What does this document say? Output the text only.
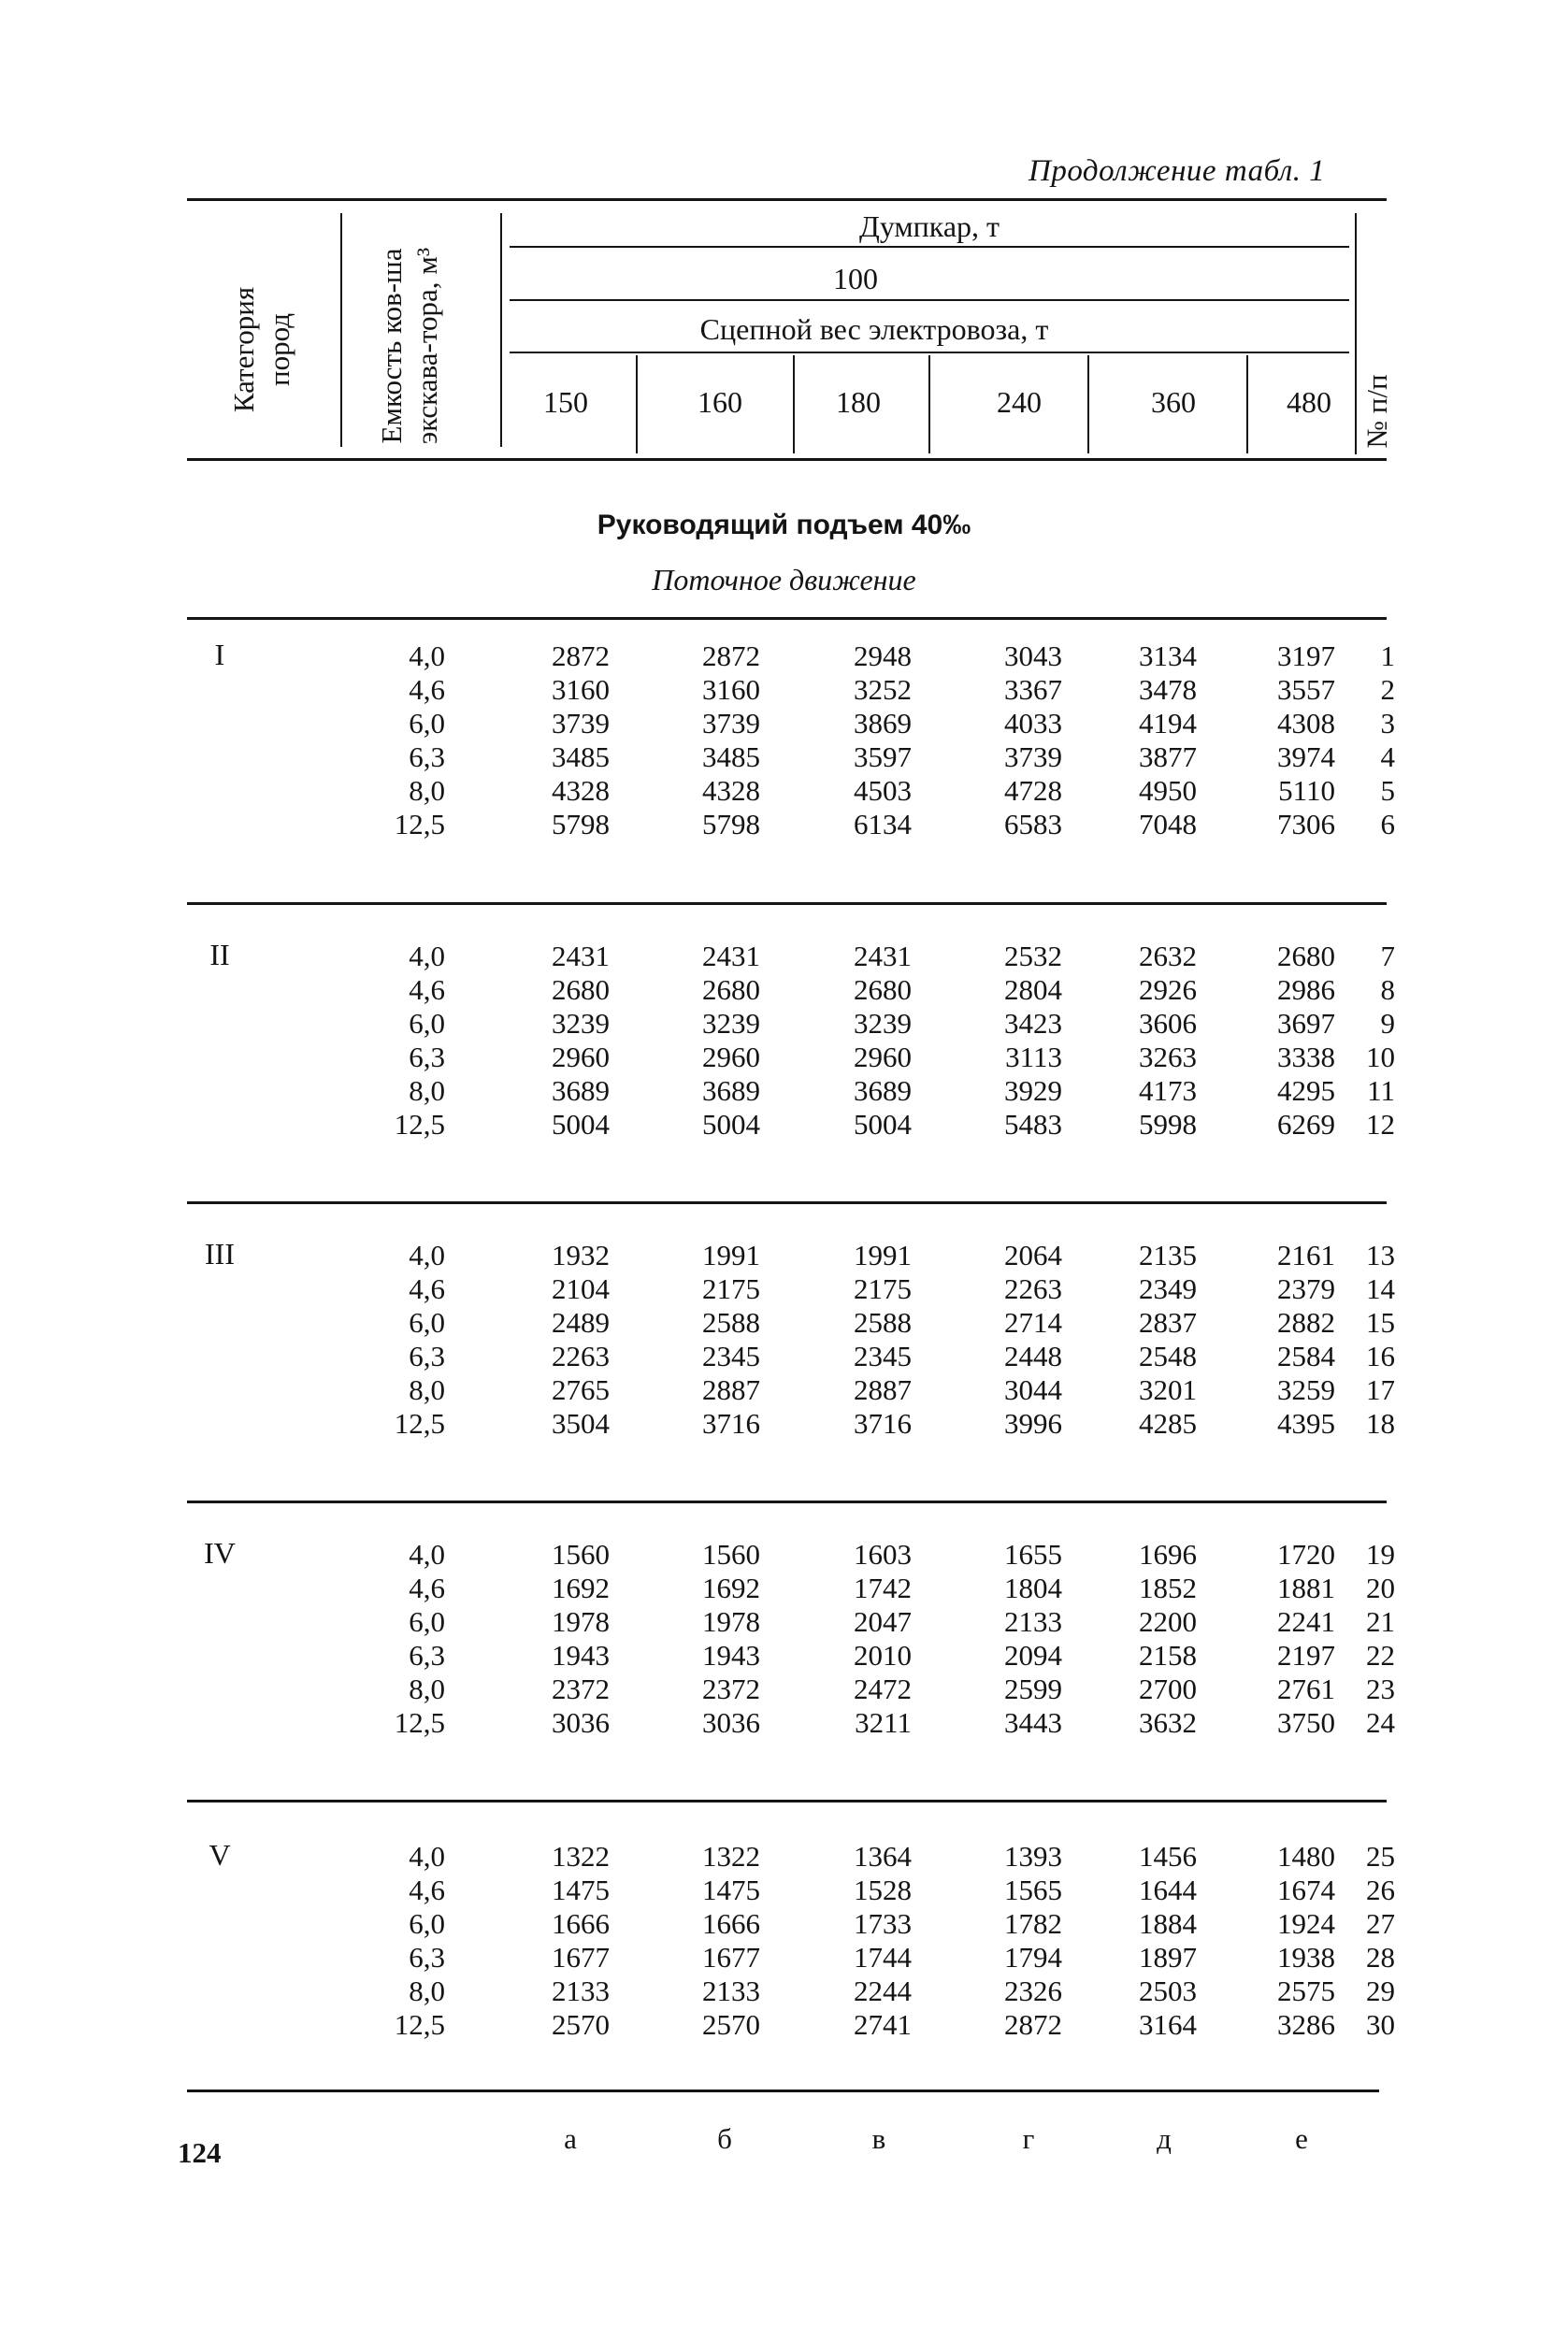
Продолжение табл. 1
Категория пород	Емкость ков-ша экскава-тора, м³	№ п/п
Думпкар, т
100
Сцепной вес электровоза, т
150	160	180	240	360	480
Руководящий подъем 40‰
Поточное движение
I	4,0	2872	2872	2948	3043	3134	3197	1
4,6	3160	3160	3252	3367	3478	3557	2
6,0	3739	3739	3869	4033	4194	4308	3
6,3	3485	3485	3597	3739	3877	3974	4
8,0	4328	4328	4503	4728	4950	5110	5
12,5	5798	5798	6134	6583	7048	7306	6
II	4,0	2431	2431	2431	2532	2632	2680	7
4,6	2680	2680	2680	2804	2926	2986	8
6,0	3239	3239	3239	3423	3606	3697	9
6,3	2960	2960	2960	3113	3263	3338	10
8,0	3689	3689	3689	3929	4173	4295	11
12,5	5004	5004	5004	5483	5998	6269	12
III	4,0	1932	1991	1991	2064	2135	2161	13
4,6	2104	2175	2175	2263	2349	2379	14
6,0	2489	2588	2588	2714	2837	2882	15
6,3	2263	2345	2345	2448	2548	2584	16
8,0	2765	2887	2887	3044	3201	3259	17
12,5	3504	3716	3716	3996	4285	4395	18
IV	4,0	1560	1560	1603	1655	1696	1720	19
4,6	1692	1692	1742	1804	1852	1881	20
6,0	1978	1978	2047	2133	2200	2241	21
6,3	1943	1943	2010	2094	2158	2197	22
8,0	2372	2372	2472	2599	2700	2761	23
12,5	3036	3036	3211	3443	3632	3750	24
V	4,0	1322	1322	1364	1393	1456	1480	25
4,6	1475	1475	1528	1565	1644	1674	26
6,0	1666	1666	1733	1782	1884	1924	27
6,3	1677	1677	1744	1794	1897	1938	28
8,0	2133	2133	2244	2326	2503	2575	29
12,5	2570	2570	2741	2872	3164	3286	30
а	б	в	г	д	е
124
